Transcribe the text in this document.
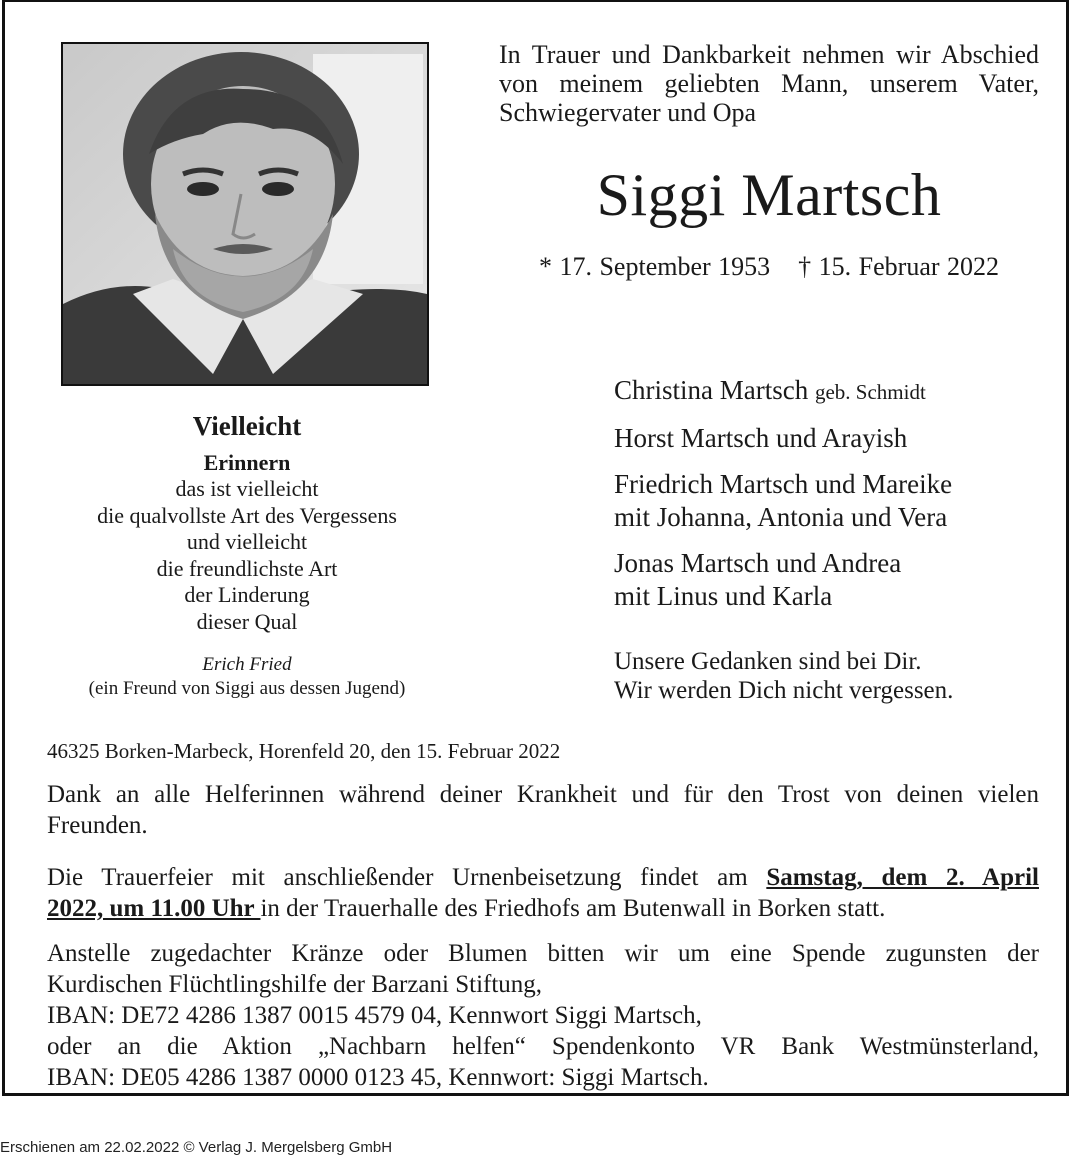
In Trauer und Dankbarkeit nehmen wir Abschied
von meinem geliebten Mann, unserem Vater,
Schwiegervater und Opa
Siggi Martsch
* 17. September 1953 † 15. Februar 2022
Vielleicht
Erinnern
das ist vielleicht
die qualvollste Art des Vergessens
und vielleicht
die freundlichste Art
der Linderung
dieser Qual
Erich Fried
(ein Freund von Siggi aus dessen Jugend)
Christina Martsch geb. Schmidt
Horst Martsch und Arayish
Friedrich Martsch und Mareike
mit Johanna, Antonia und Vera
Jonas Martsch und Andrea
mit Linus und Karla
Unsere Gedanken sind bei Dir.
Wir werden Dich nicht vergessen.
46325 Borken-Marbeck, Horenfeld 20, den 15. Februar 2022
Dank an alle Helferinnen während deiner Krankheit und für den Trost von deinen vielen
Freunden.
Die Trauerfeier mit anschließender Urnenbeisetzung findet am Samstag, dem 2. April
2022, um 11.00 Uhr in der Trauerhalle des Friedhofs am Butenwall in Borken statt.
Anstelle zugedachter Kränze oder Blumen bitten wir um eine Spende zugunsten der
Kurdischen Flüchtlingshilfe der Barzani Stiftung,
IBAN: DE72 4286 1387 0015 4579 04, Kennwort Siggi Martsch,
oder an die Aktion „Nachbarn helfen“ Spendenkonto VR Bank Westmünsterland,
IBAN: DE05 4286 1387 0000 0123 45, Kennwort: Siggi Martsch.
Erschienen am 22.02.2022 © Verlag J. Mergelsberg GmbH
